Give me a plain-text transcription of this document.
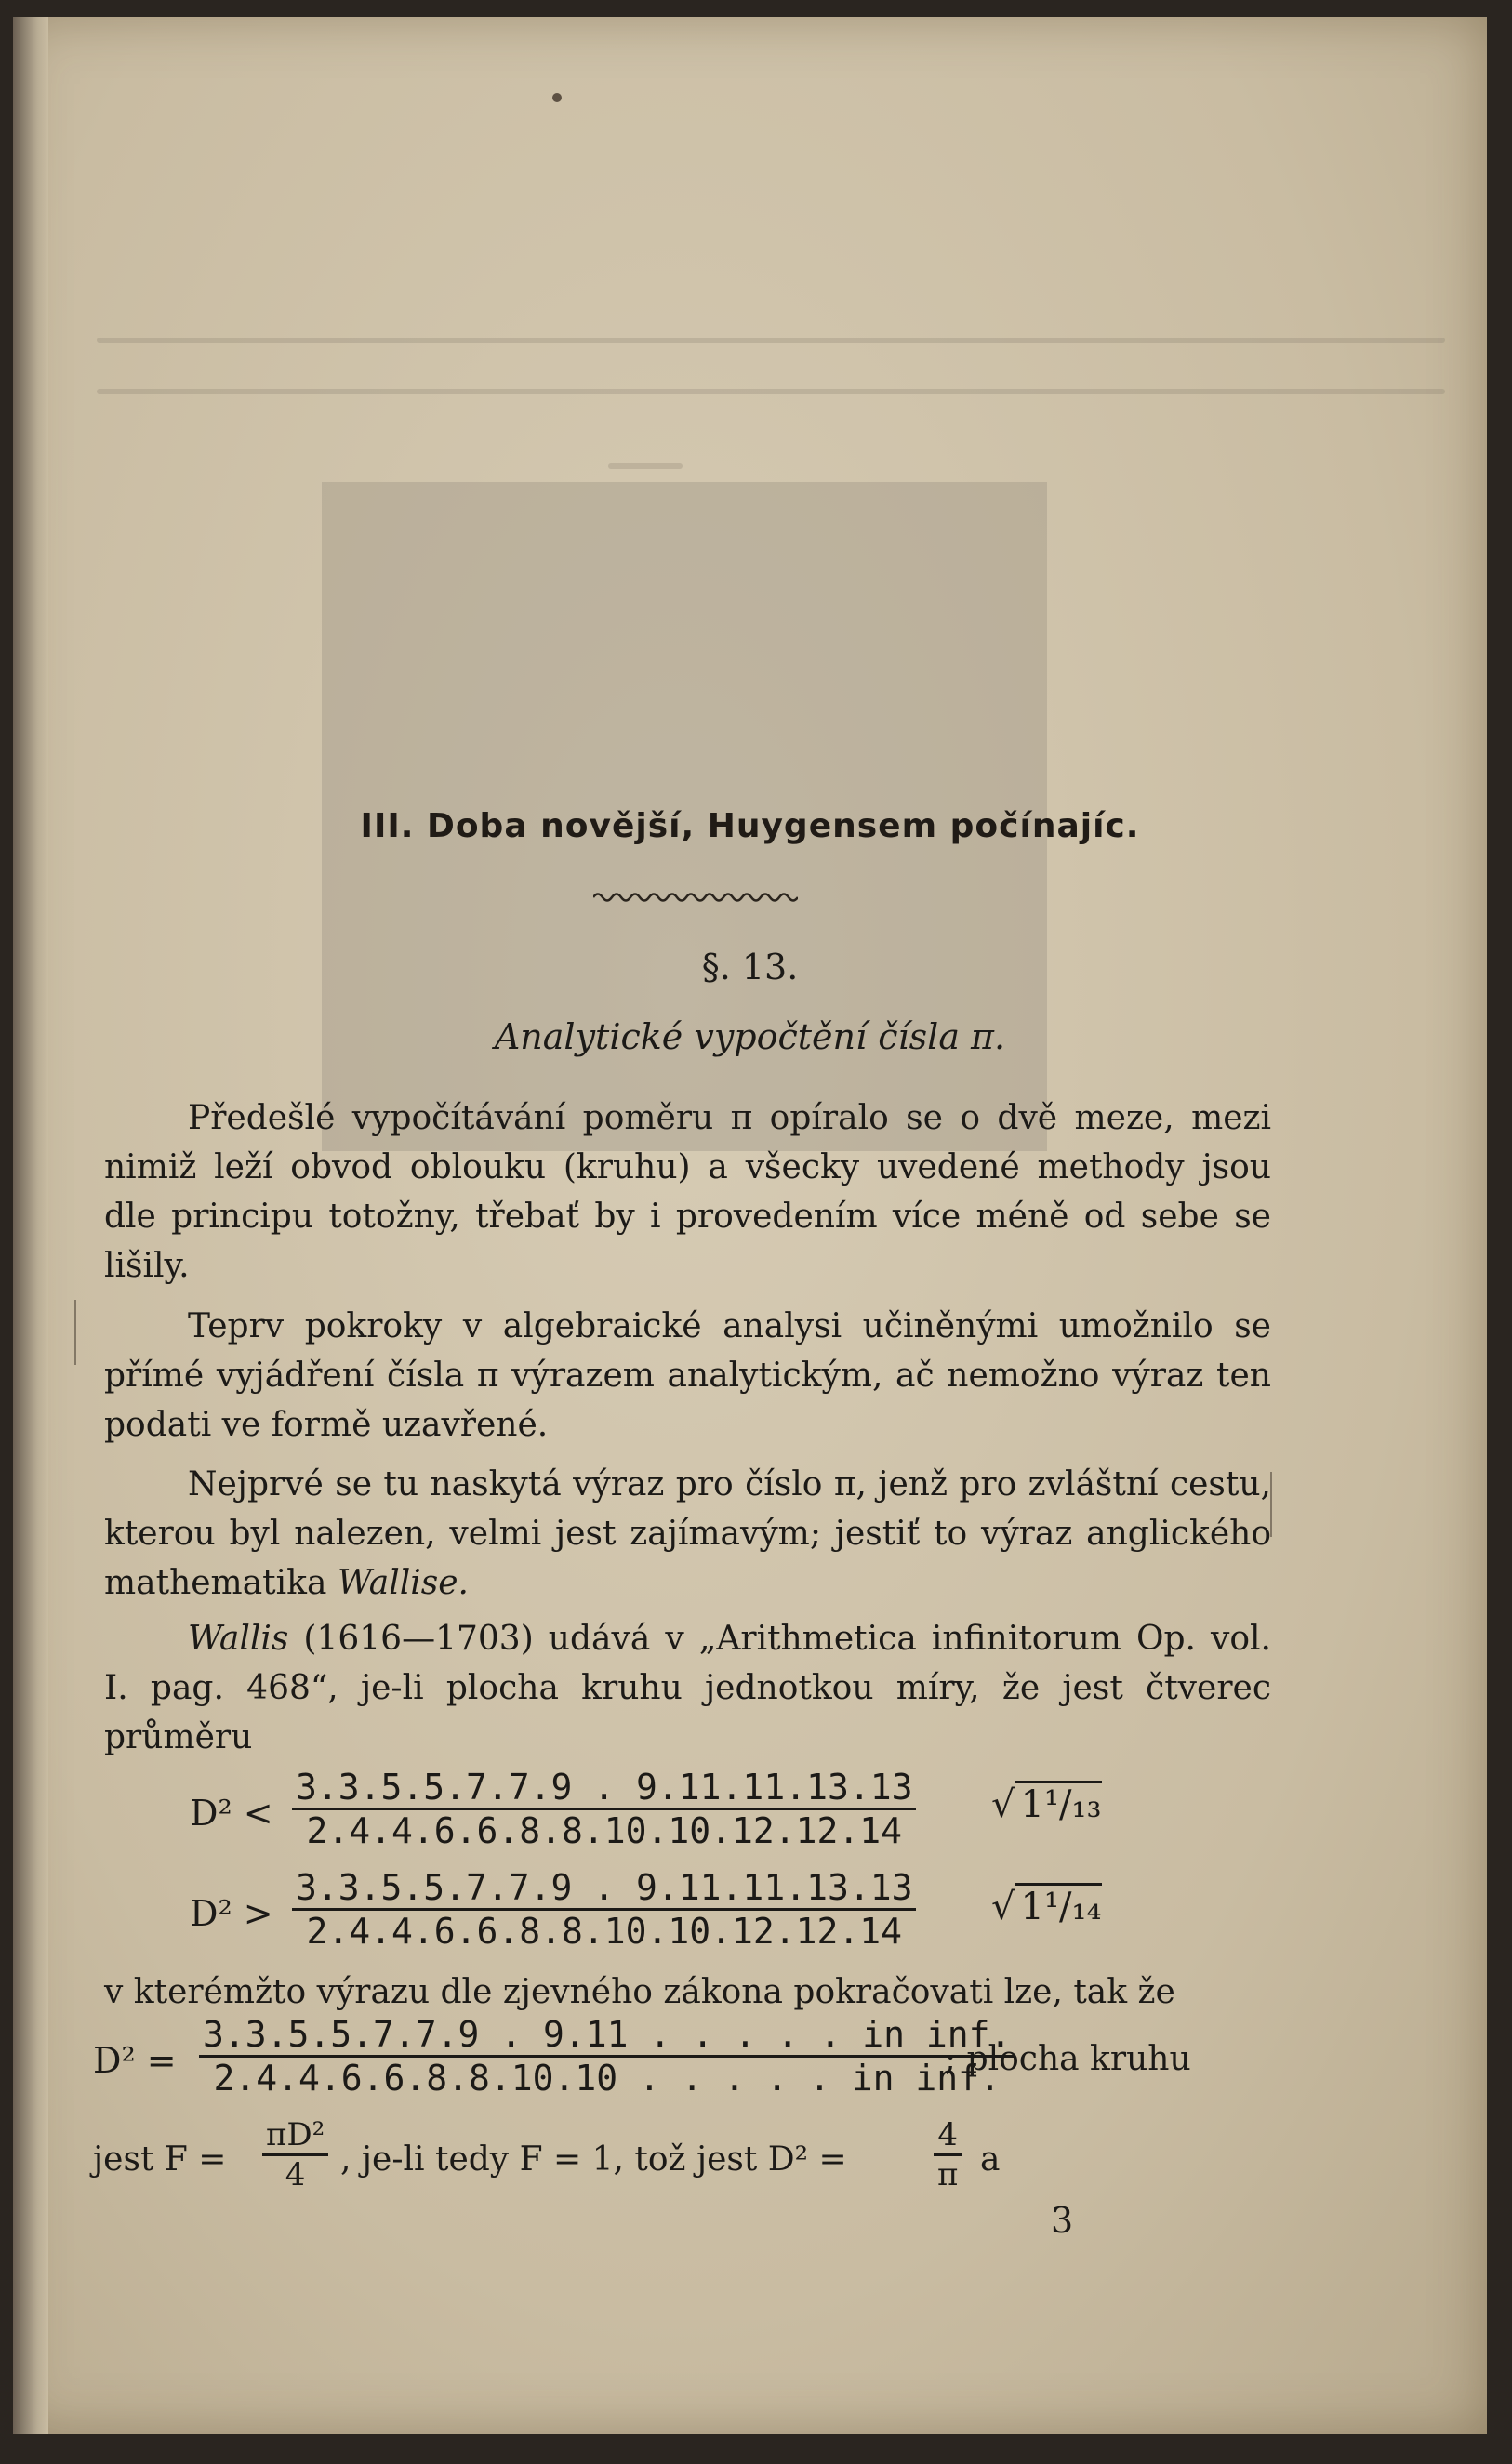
III. Doba novější, Huygensem počínajíc.
§. 13.
Analytické vypočtění čísla π.

Předešlé vypočítávání poměru π opíralo se o dvě meze, mezi nimiž leží obvod oblouku (kruhu) a všecky uvedené methody jsou dle principu totožny, třebať by i provedením více méně od sebe se lišily.

Teprv pokroky v algebraické analysi učiněnými umožnilo se přímé vyjádření čísla π výrazem analytickým, ač nemožno výraz ten podati ve formě uzavřené.

Nejprvé se tu naskytá výraz pro číslo π, jenž pro zvláštní cestu, kterou byl nalezen, velmi jest zajímavým; jestiť to výraz anglického mathematika Wallise.

Wallis (1616—1703) udává v „Arithmetica infinitorum Op. vol. I. pag. 468“, je-li plocha kruhu jednotkou míry, že jest čtverec průměru

$D^2 < \frac{3.3.5.5.7.7.9 . 9.11.11.13.13}{2.4.4.6.6.8.8.10.10.12.12.14}$ √ 1¹/₁₃
$D^2 > \frac{3.3.5.5.7.7.9 . 9.11.11.13.13}{2.4.4.6.6.8.8.10.10.12.12.14}$ √ 1¹/₁₄

v kterémžto výrazu dle zjevného zákona pokračovati lze, tak že

D² =
3.3.5.5.7.7.9 . 9.11 . . . . . in inf.
2.4.4.6.6.8.8.10.10 . . . . . in inf.
; plocha kruhu
jest $F = \frac{\text{πD²}}{4}$ , je-li tedy F = 1, tož jest D² =	$\frac{4}{\pi}$ a
3
